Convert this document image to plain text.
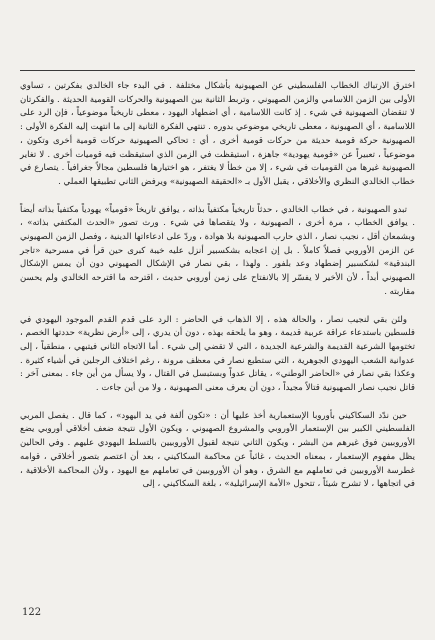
اخترق الارتباك الخطاب الفلسطيني عن الصهيونية بأشكال مختلفة . في البدء جاء الخالدي بفكرتين ، تساوي الأولى بين الزمن اللاسامي والزمن الصهيوني ، وتربط الثانية بين الصهيونية والحركات القومية الحديثة . والفكرتان لا تنقضان الصهيونية في شيء . إذ كانت اللاسامية ، أي اضطهاد اليهود ، معطى تاريخياً موضوعياً ، فإن الرد على اللاسامية ، أي الصهيونية ، معطى تاريخي موضوعي بدوره . تنتهي الفكرة الثانية إلى ما انتهت إليه الفكرة الأولى : الصهيونية حركة قومية حديثة من حركات قومية أخرى ، أي : تحاكي الصهيونية حركات قومية أخرى وتكون ، موضوعياً ، تعبيراً عن «قومية يهودية» جاهزة ، استيقظت في الزمن الذي استيقظت فيه قوميات أخرى . لا تغاير الصهيونية غيرها من القوميات في شيء ، إلا من خطأ لا يغتفر ، هو اختيارها فلسطين مجالاً جغرافياً . يتصارع في خطاب الخالدي النظري والأخلاقي ، يقبل الأول بـ «الحقيقة الصهيونية» ويرفض الثاني تطبيقها العملي .

تبدو الصهيونية ، في خطاب الخالدي ، حدثاً تاريخياً مكتفياً بذاته ، يوافق تاريخاً «قومياً» يهودياً مكتفياً بذاته أيضاً . يوافق الخطاب ، مرة أخرى ، الصهيونية ، ولا يتقصاها في شيء . ورث تصور «الحدث المكتفي بذاته» ، وبشمعان أقل ، نجيب نصار ، الذي حارب الصهيونية بلا هوادة ، وردّ على ادعاءاتها الدينية ، وفصل الزمن الصهيوني عن الزمن الأوروبي فصلاً كاملاً . بل إن اعجابه بشكسبير أنزل عليه خيبة كبرى حين قرأ في مسرحية «تاجر البندقية» لشكسبير إضطهاد وعد بلفور . ولهذا ، بقي نصار في الإشكال الصهيوني دون أن يمس الإشكال الصهيوني أبداً ، لأن الأخير لا يفسّر إلا بالانفتاح على زمن أوروبي حديث ، اقترحه ما اقترحه الخالدي ولم يحسن مقاربته .

ولئن بقي لنجيب نصار ، والحالة هذه ، إلا الذهاب في الحاضر : الرد على قدم القدم الموجود اليهودي في فلسطين باستدعاء عراقة عربية قديمة ، وهو ما يلحقه بهذه ، دون أن يدري ، إلى «أرض نظرية» حددتها الخصم ، تختومها الشرعية القديمة والشرعية الجديدة ، التي لا تقضي إلى شيء . أما الاتجاه الثاني فيتبهي ، منطقياً ، إلى عدوانية الشعب اليهودي الجوهرية ، التي ستطبع نصار في معظف مرونة ، رغم اختلاف الرجلين في أشياء كثيرة . وعكذا بقي نصار في «الحاضر الوطني» ، يقاتل عدواً وبستبسل في القتال ، ولا يسأل من أين جاء . بمعنى آخر : قاتل نجيب نصار الصهيونية قتالاً مجيداً ، دون أن يعرف معنى الصهيونية ، ولا من أين جاءت .

حين ندّد السكاكيني بأوروبا الإستعمارية أخذ عليها أن : «تكون ألفة في يد اليهود» ، كما قال . يفصل المربي الفلسطيني الكبير بين الإستعمار الأوروبي والمشروع الصهيوني ، ويكون الأول نتيجة ضعف أخلاقي أوروبي يضع الأوروبيين فوق غيرهم من البشر ، ويكون الثاني نتيجة لقبول الأوروبيين بالتسلط اليهودي عليهم . وفي الحالين يظل مفهوم الإستعمار ، بمعناه الحديث ، غائباً عن محاكمة السكاكيني ، بعد أن اعتصم بتصور أخلاقي ، قوامه غطرسة الأوروبيين في تعاملهم مع الشرق ، وهو أن الأوروبيين في تعاملهم مع اليهود ، ولأن المحاكمة الأخلاقية ، في اتجاهها ، لا تشرح شيئاً ، تتحول «الأمة الإسرائيلية» ، بلغة السكاكيني ، إلى

122
